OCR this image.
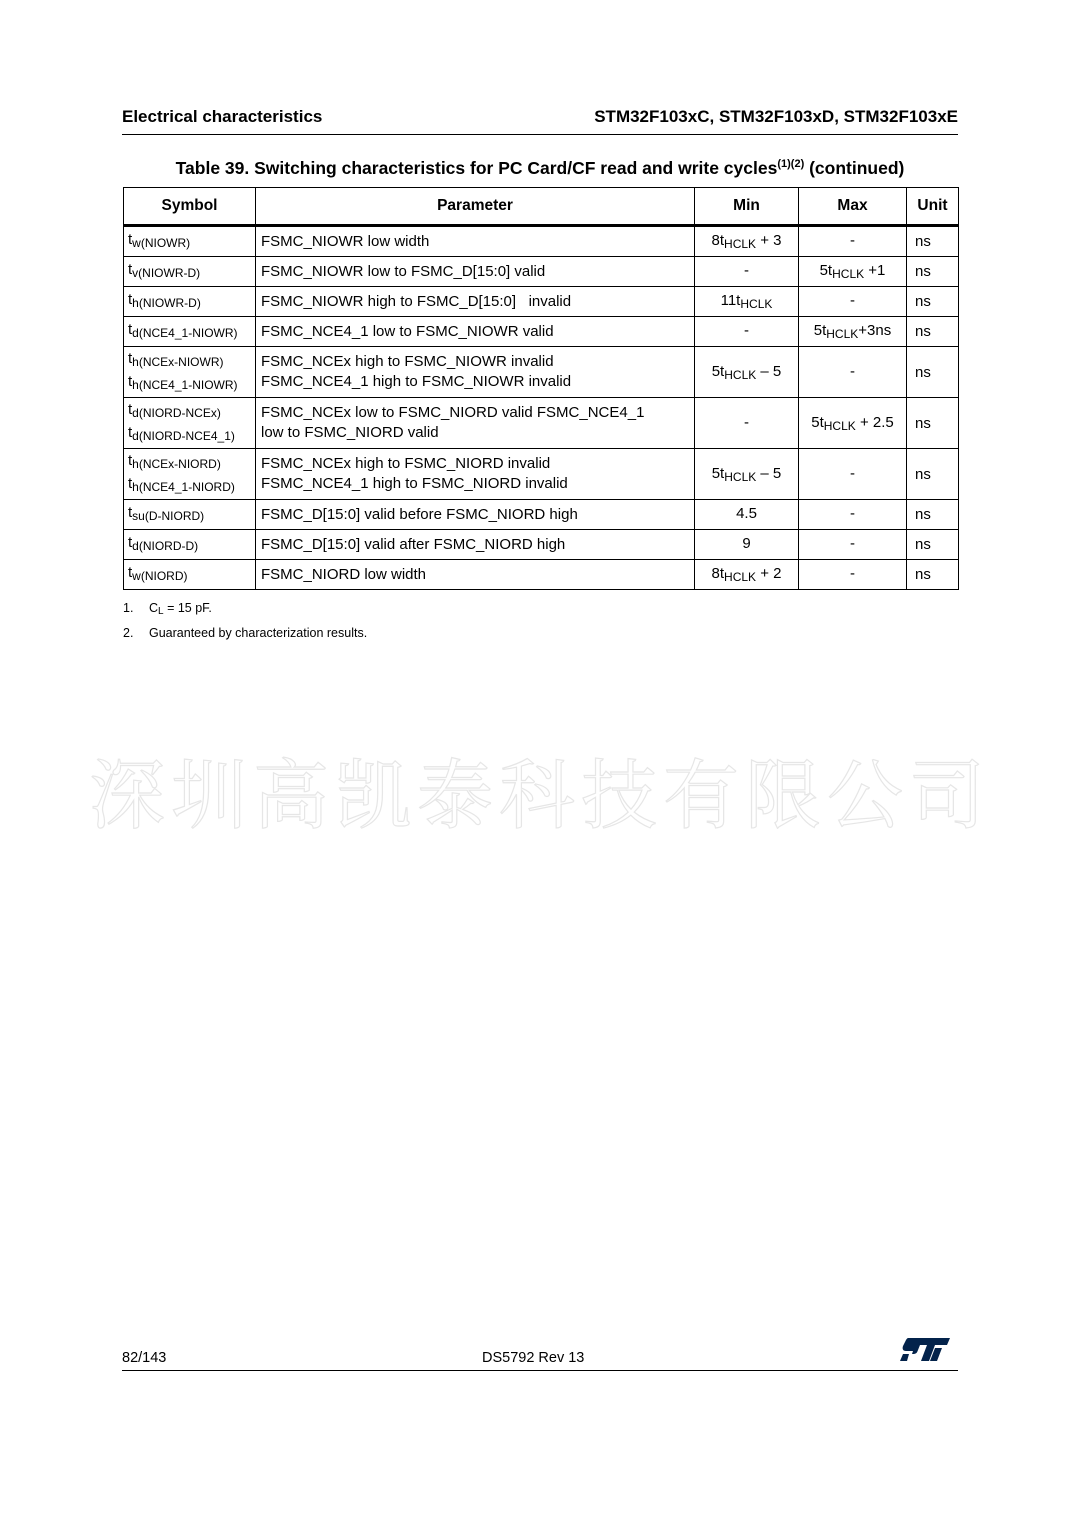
Electrical characteristics	STM32F103xC, STM32F103xD, STM32F103xE
Table 39. Switching characteristics for PC Card/CF read and write cycles$^{(1)(2)}$ (continued)
Symbol	Parameter	Min	Max	Unit

$t_{w(NIOWR)}$	FSMC_NIOWR low width	$8t_{HCLK} + 3$	-	ns

$t_{v(NIOWR-D)}$	FSMC_NIOWR low to FSMC_D[15:0] valid	-	$5t_{HCLK} +1$	ns

$t_{h(NIOWR-D)}$	FSMC_NIOWR high to FSMC_D[15:0]   invalid	$11t_{HCLK}$	-	ns

$t_{d(NCE4\_1-NIOWR)}$	FSMC_NCE4_1 low to FSMC_NIOWR valid	-	$5t_{HCLK}+3ns$	ns

$t_{h(NCEx-NIOWR)}$
$t_{h(NCE4\_1-NIOWR)}$	FSMC_NCEx high to FSMC_NIOWR invalid
FSMC_NCE4_1 high to FSMC_NIOWR invalid	$5t_{HCLK} - 5$	-	ns

$t_{d(NIORD-NCEx)}$
$t_{d(NIORD-NCE4\_1)}$	FSMC_NCEx low to FSMC_NIORD valid FSMC_NCE4_1
low to FSMC_NIORD valid	-	$5t_{HCLK} + 2.5$	ns

$t_{h(NCEx-NIORD)}$
$t_{h(NCE4\_1-NIORD)}$	FSMC_NCEx high to FSMC_NIORD invalid
FSMC_NCE4_1 high to FSMC_NIORD invalid	$5t_{HCLK} - 5$	-	ns

$t_{su(D-NIORD)}$	FSMC_D[15:0] valid before FSMC_NIORD high	4.5	-	ns

$t_{d(NIORD-D)}$	FSMC_D[15:0] valid after FSMC_NIORD high	9	-	ns

$t_{w(NIORD)}$	FSMC_NIORD low width	$8t_{HCLK} + 2$	-	ns
1. CL = 15 pF.
2. Guaranteed by characterization results.
深圳高凯泰科技有限公司
82/143	DS5792 Rev 13
